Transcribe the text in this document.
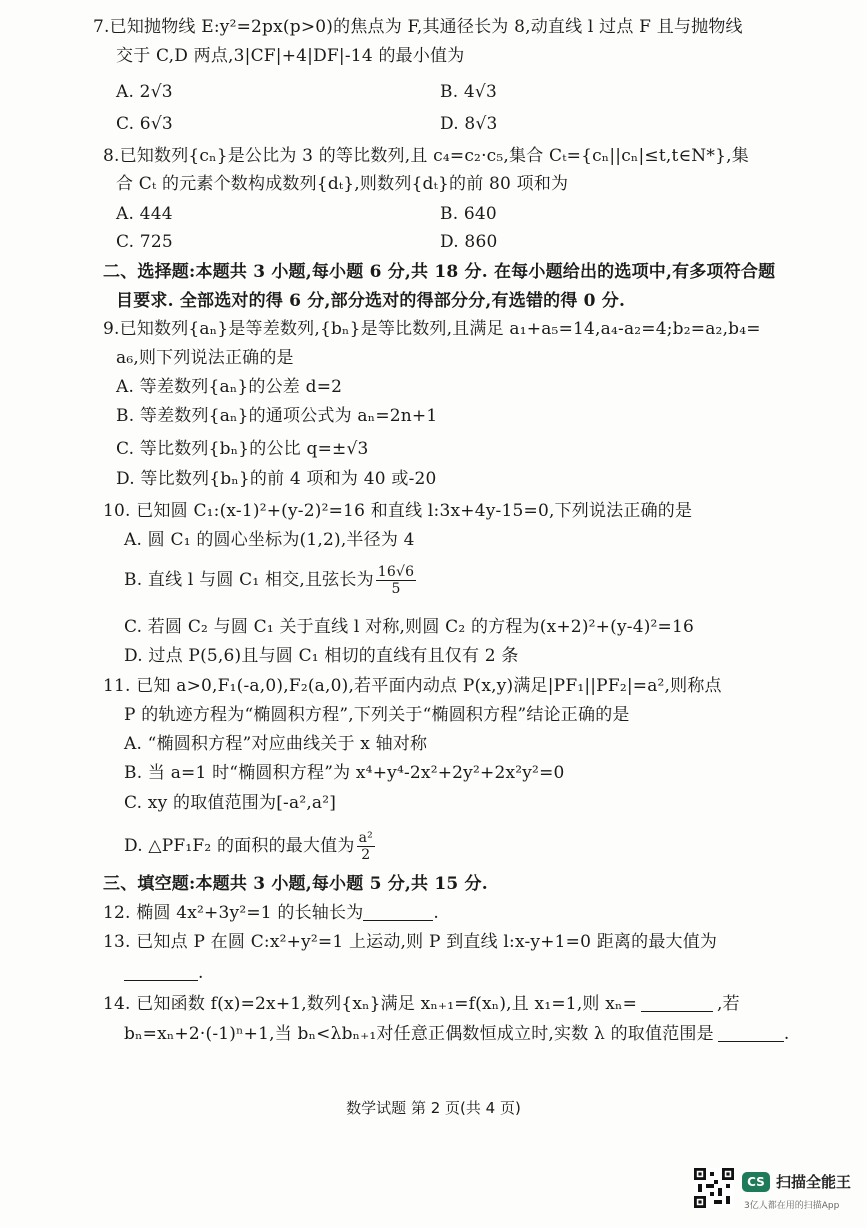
7.已知抛物线 E:y²=2px(p>0)的焦点为 F,其通径长为 8,动直线 l 过点 F 且与抛物线
交于 C,D 两点,3|CF|+4|DF|-14 的最小值为
A. 2√3	B. 4√3
C. 6√3	D. 8√3
8.已知数列{cₙ}是公比为 3 的等比数列,且 c₄=c₂·c₅,集合 Cₜ={cₙ||cₙ|≤t,t∈N*},集
合 Cₜ 的元素个数构成数列{dₜ},则数列{dₜ}的前 80 项和为
A. 444	B. 640
C. 725	D. 860
二、选择题:本题共 3 小题,每小题 6 分,共 18 分. 在每小题给出的选项中,有多项符合题
目要求. 全部选对的得 6 分,部分选对的得部分分,有选错的得 0 分.
9.已知数列{aₙ}是等差数列,{bₙ}是等比数列,且满足 a₁+a₅=14,a₄-a₂=4;b₂=a₂,b₄=
a₆,则下列说法正确的是
A. 等差数列{aₙ}的公差 d=2
B. 等差数列{aₙ}的通项公式为 aₙ=2n+1
C. 等比数列{bₙ}的公比 q=±√3
D. 等比数列{bₙ}的前 4 项和为 40 或-20
10. 已知圆 C₁:(x-1)²+(y-2)²=16 和直线 l:3x+4y-15=0,下列说法正确的是
A. 圆 C₁ 的圆心坐标为(1,2),半径为 4
B. 直线 l 与圆 C₁ 相交,且弦长为 $\frac{16√6}{5}$
C. 若圆 C₂ 与圆 C₁ 关于直线 l 对称,则圆 C₂ 的方程为(x+2)²+(y-4)²=16
D. 过点 P(5,6)且与圆 C₁ 相切的直线有且仅有 2 条
11. 已知 a>0,F₁(-a,0),F₂(a,0),若平面内动点 P(x,y)满足|PF₁||PF₂|=a²,则称点
P 的轨迹方程为“椭圆积方程”,下列关于“椭圆积方程”结论正确的是
A. “椭圆积方程”对应曲线关于 x 轴对称
B. 当 a=1 时“椭圆积方程”为 x⁴+y⁴-2x²+2y²+2x²y²=0
C. xy 的取值范围为[-a²,a²]
D. △PF₁F₂ 的面积的最大值为 $\frac{\text{a²}}{2}$
三、填空题:本题共 3 小题,每小题 5 分,共 15 分.
12. 椭圆 4x²+3y²=1 的长轴长为	.
13. 已知点 P 在圆 C:x²+y²=1 上运动,则 P 到直线 l:x-y+1=0 距离的最大值为
.
14. 已知函数 f(x)=2x+1,数列{xₙ}满足 xₙ₊₁=f(xₙ),且 x₁=1,则 xₙ=	,若
bₙ=xₙ+2·(-1)ⁿ+1,当 bₙ<λbₙ₊₁对任意正偶数恒成立时,实数 λ 的取值范围是	.
数学试题 第 2 页(共 4 页)
CS 扫描全能王
3亿人都在用的扫描App
